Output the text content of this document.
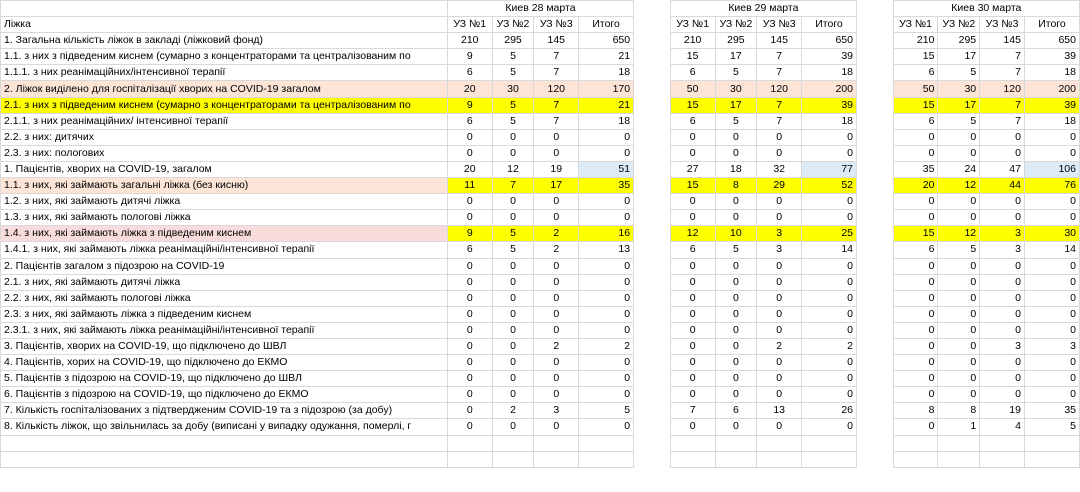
	Киев 28 марта					Киев 29 марта					Киев 30 марта			
Ліжка	УЗ №1	УЗ №2	УЗ №3	Итого		УЗ №1	УЗ №2	УЗ №3	Итого		УЗ №1	УЗ №2	УЗ №3	Итого
1. Загальна кількість ліжок в закладі (ліжковий фонд)	210	295	145	650		210	295	145	650		210	295	145	650
1.1. з них з підведеним киснем (сумарно з концентраторами та централізованим по	9	5	7	21		15	17	7	39		15	17	7	39
1.1.1. з них реанімаційних/інтенсивної терапії	6	5	7	18		6	5	7	18		6	5	7	18
2. Ліжок виділено для госпіталізації хворих на COVID-19 загалом	20	30	120	170		50	30	120	200		50	30	120	200
2.1. з них з підведеним киснем (сумарно з концентраторами та централізованим по	9	5	7	21		15	17	7	39		15	17	7	39
2.1.1. з них реанімаційних/ інтенсивної терапії	6	5	7	18		6	5	7	18		6	5	7	18
2.2. з них: дитячих	0	0	0	0		0	0	0	0		0	0	0	0
2.3. з них: пологових	0	0	0	0		0	0	0	0		0	0	0	0
1. Пацієнтів, хворих на COVID-19, загалом	20	12	19	51		27	18	32	77		35	24	47	106
1.1. з них, які займають загальні ліжка (без кисню)	11	7	17	35		15	8	29	52		20	12	44	76
1.2. з них, які займають дитячі ліжка	0	0	0	0		0	0	0	0		0	0	0	0
1.3. з них, які займають пологові ліжка	0	0	0	0		0	0	0	0		0	0	0	0
1.4. з них, які займають ліжка з підведеним киснем	9	5	2	16		12	10	3	25		15	12	3	30
1.4.1. з них, які займають ліжка реанімаційні/інтенсивної терапії	6	5	2	13		6	5	3	14		6	5	3	14
2. Пацієнтів загалом з підозрою на COVID-19	0	0	0	0		0	0	0	0		0	0	0	0
2.1. з них, які займають дитячі ліжка	0	0	0	0		0	0	0	0		0	0	0	0
2.2. з них, які займають пологові ліжка	0	0	0	0		0	0	0	0		0	0	0	0
2.3. з них, які займають ліжка з підведеним киснем	0	0	0	0		0	0	0	0		0	0	0	0
2.3.1. з них, які займають ліжка реанімаційні/інтенсивної терапії	0	0	0	0		0	0	0	0		0	0	0	0
3. Пацієнтів, хворих на COVID-19, що підключено до ШВЛ	0	0	2	2		0	0	2	2		0	0	3	3
4. Пацієнтів, хорих на COVID-19, що підключено до ЕКМО	0	0	0	0		0	0	0	0		0	0	0	0
5. Пацієнтів з підозрою на COVID-19, що підключено до ШВЛ	0	0	0	0		0	0	0	0		0	0	0	0
6. Пацієнтів з підозрою на COVID-19, що підключено до ЕКМО	0	0	0	0		0	0	0	0		0	0	0	0
7. Кількість госпіталізованих з підтвердженим COVID-19 та з підозрою (за добу)	0	2	3	5		7	6	13	26		8	8	19	35
8. Кількість ліжок, що звільнилась за добу (виписані у випадку одужання, померлі, г	0	0	0	0		0	0	0	0		0	1	4	5
